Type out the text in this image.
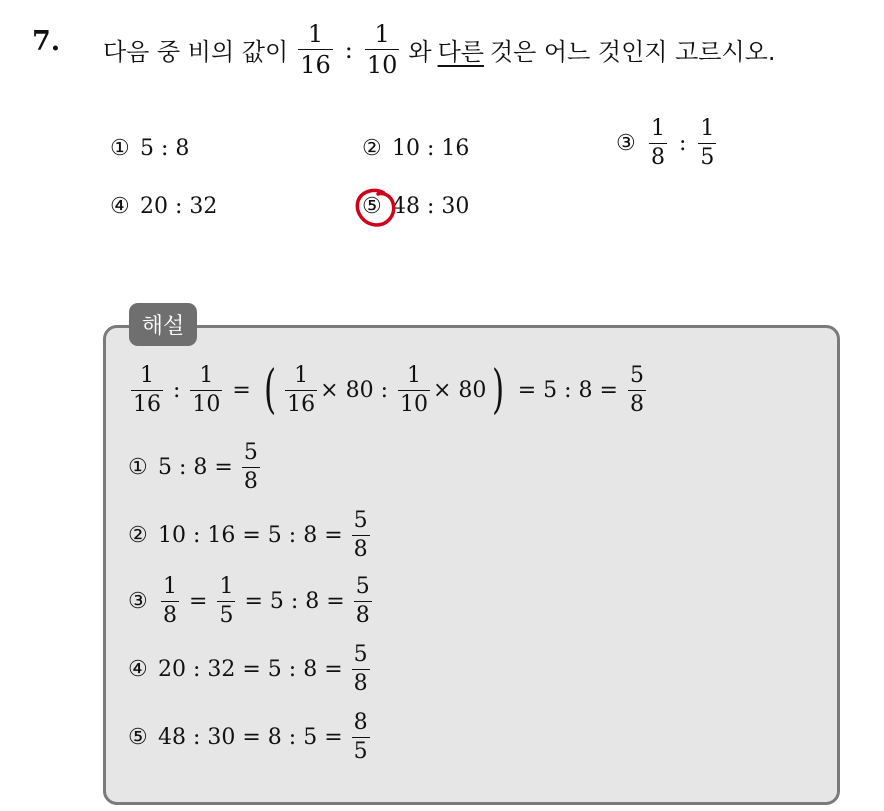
7. 다음 중 비의 값이 $\frac{1}{16}$ : $\frac{1}{10}$ 와 다른 것은 어느 것인지 고르시오.
① 5 : 8	② 10 : 16	③ $\frac{1}{8}$ : $\frac{1}{5}$
④ 20 : 32	⑤ 48 : 30
해설
$\frac{1}{16}$ : $\frac{1}{10}$ = ( $\frac{1}{16} \times 80$ : $\frac{1}{10} \times 80$ ) = 5 : $8 = \frac{5}{8}$
① 5 : $8 = \frac{5}{8}$
② 10 : 16 = 5 : $8 = \frac{5}{8}$
③ $\frac{1}{8} = \frac{1}{5} = 5$ : $8 = \frac{5}{8}$
④ 20 : 32 = 5 : $8 = \frac{5}{8}$
⑤ 48 : 30 = 8 : $5 = \frac{8}{5}$
